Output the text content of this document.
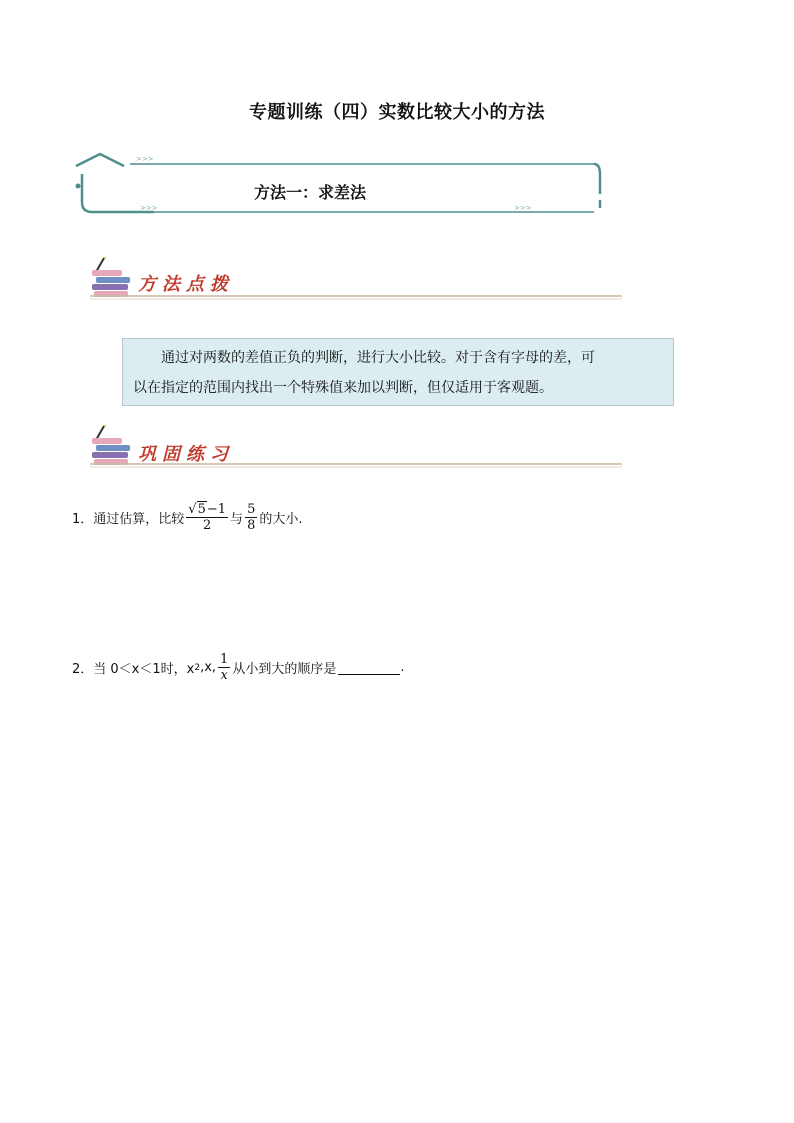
专题训练（四）实数比较大小的方法
>>>
>>>
>>>
方法一：求差法
方法点拨
通过对两数的差值正负的判断，进行大小比较。对于含有字母的差，可
以在指定的范围内找出一个特殊值来加以判断，但仅适用于客观题。
巩固练习
1． 通过估算，比较 $\frac{√5-1}{2}$ 与 $\frac{5}{8}$ 的大小.
2． 当 0＜x＜1时，x 2 ,x, $\frac{1}{x}$ 从小到大的顺序是	.
